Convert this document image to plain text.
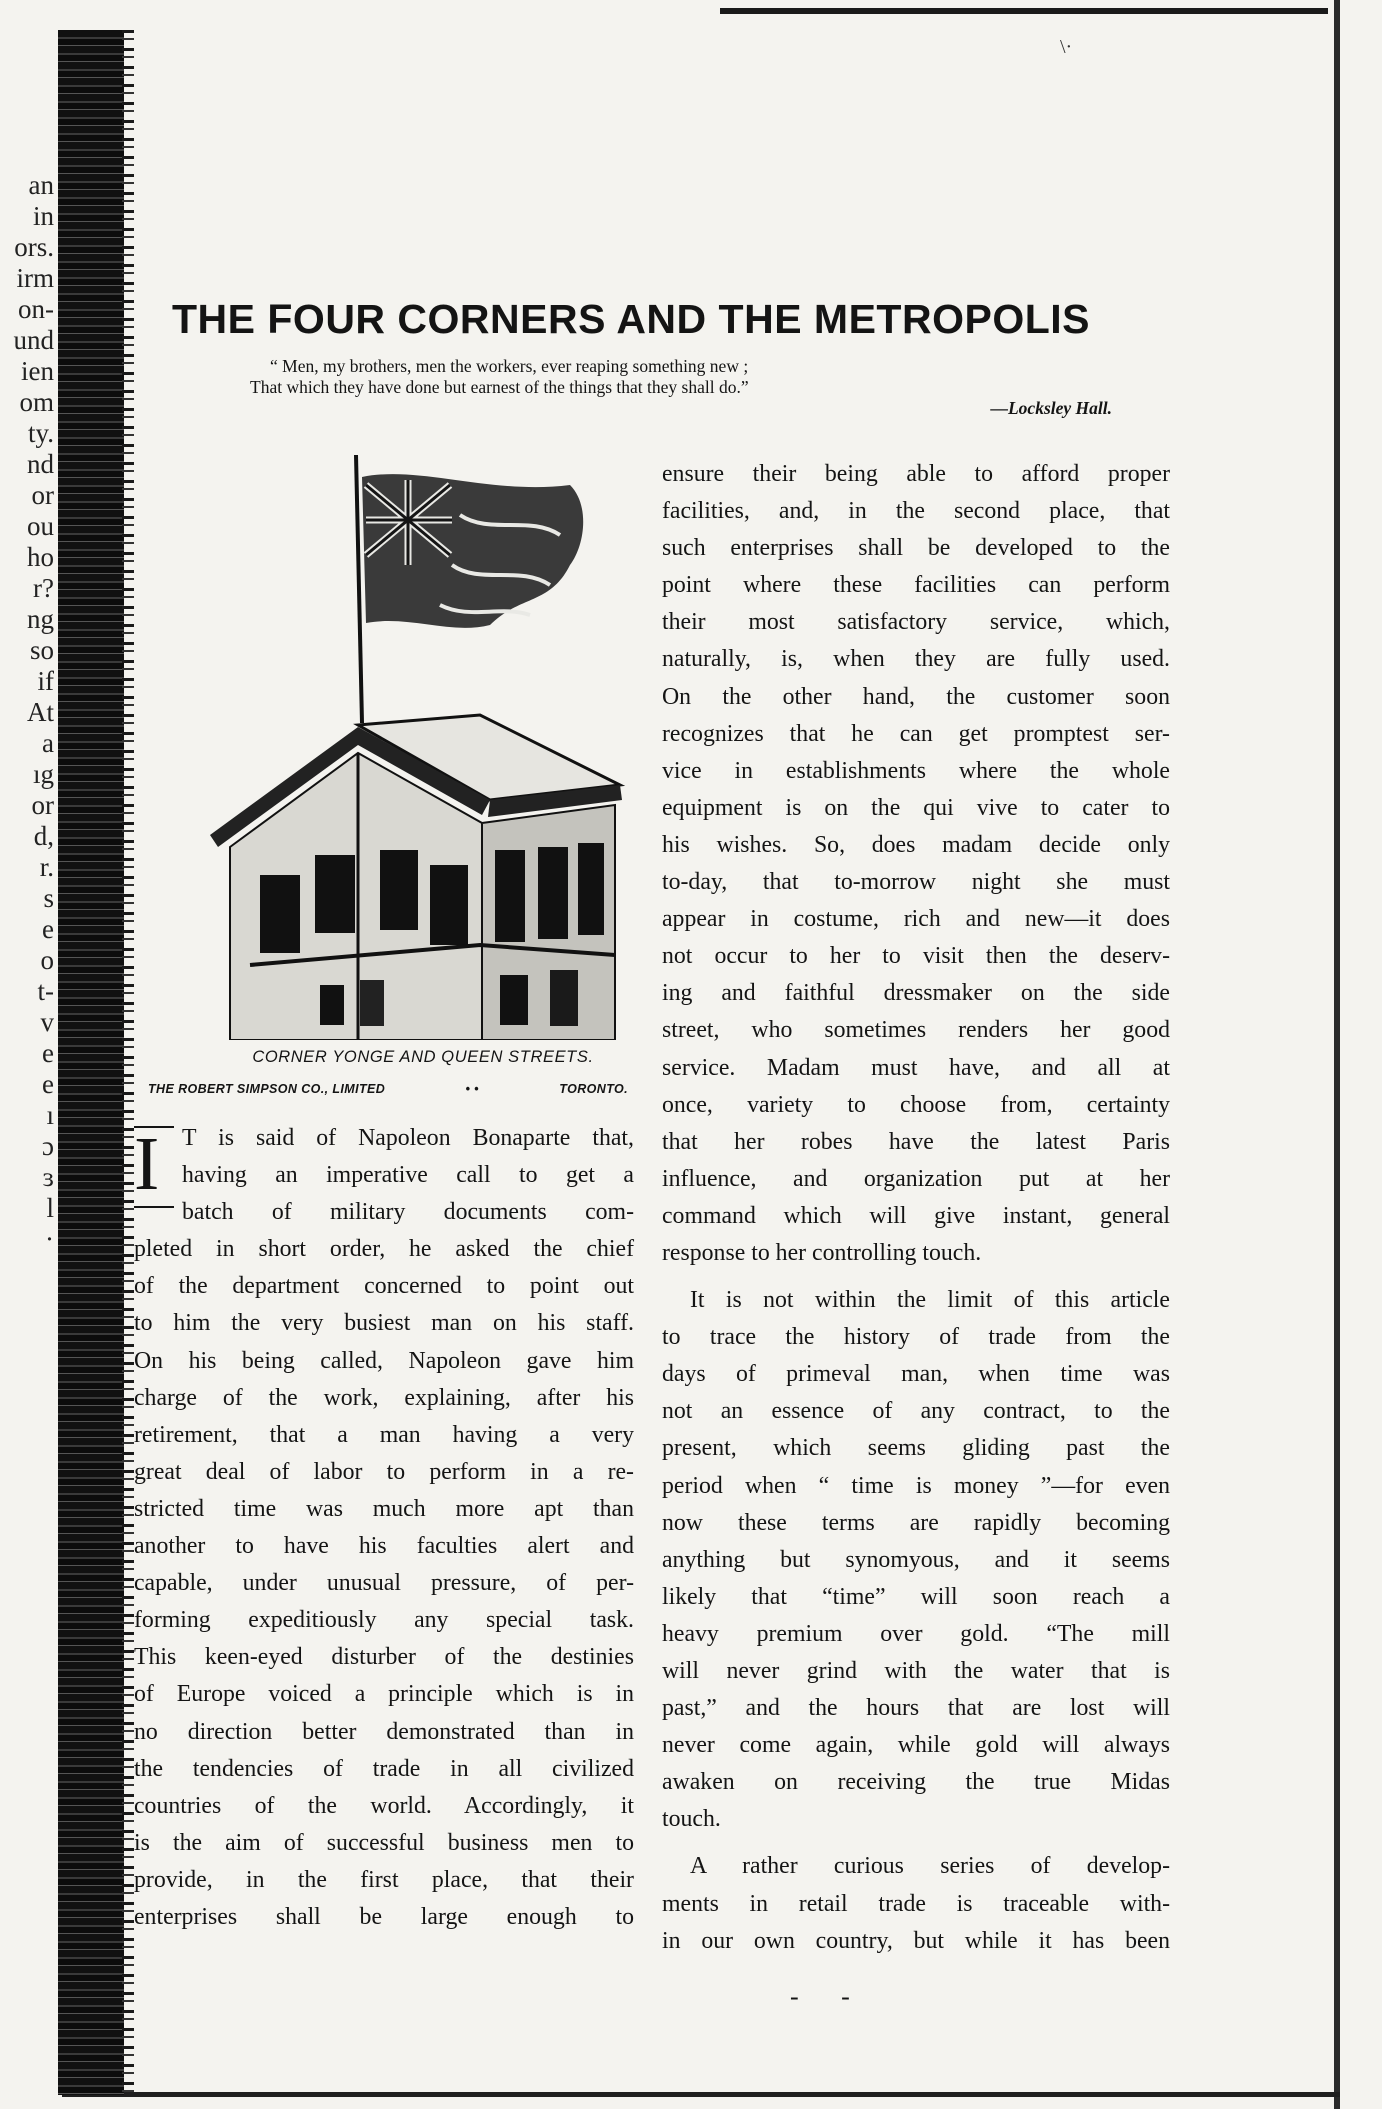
an
in
ors.
irm
on-
und
ien
om
ty.
nd
or
ou
ho
r?
ng
so
if
At
a
ıg
or
d,
r.
s
e
o
t-
v
e
e
ı
ɔ
ɜ
l
·
\·
THE FOUR CORNERS AND THE METROPOLIS
“ Men, my brothers, men the workers, ever reaping something new ;
That which they have done but earnest of the things that they shall do.”
—Locksley Hall.
CORNER YONGE AND QUEEN STREETS.
THE ROBERT SIMPSON CO., LIMITED	• •	TORONTO.
I T is said of Napoleon Bonaparte that,
having an imperative call to get a
batch of military documents com-
pleted in short order, he asked the chief
of the department concerned to point out
to him the very busiest man on his staff.
On his being called, Napoleon gave him
charge of the work, explaining, after his
retirement, that a man having a very
great deal of labor to perform in a re-
stricted time was much more apt than
another to have his faculties alert and
capable, under unusual pressure, of per-
forming expeditiously any special task.
This keen-eyed disturber of the destinies
of Europe voiced a principle which is in
no direction better demonstrated than in
the tendencies of trade in all civilized
countries of the world. Accordingly, it
is the aim of successful business men to
provide, in the first place, that their
enterprises shall be large enough to
ensure their being able to afford proper
facilities, and, in the second place, that
such enterprises shall be developed to the
point where these facilities can perform
their most satisfactory service, which,
naturally, is, when they are fully used.
On the other hand, the customer soon
recognizes that he can get promptest ser-
vice in establishments where the whole
equipment is on the qui vive to cater to
his wishes. So, does madam decide only
to-day, that to-morrow night she must
appear in costume, rich and new—it does
not occur to her to visit then the deserv-
ing and faithful dressmaker on the side
street, who sometimes renders her good
service. Madam must have, and all at
once, variety to choose from, certainty
that her robes have the latest Paris
influence, and organization put at her
command which will give instant, general
response to her controlling touch.
It is not within the limit of this article
to trace the history of trade from the
days of primeval man, when time was
not an essence of any contract, to the
present, which seems gliding past the
period when “ time is money ”—for even
now these terms are rapidly becoming
anything but synomyous, and it seems
likely that “time” will soon reach a
heavy premium over gold. “The mill
will never grind with the water that is
past,” and the hours that are lost will
never come again, while gold will always
awaken on receiving the true Midas
touch.
A rather curious series of develop-
ments in retail trade is traceable with-
in our own country, but while it has been
- -
